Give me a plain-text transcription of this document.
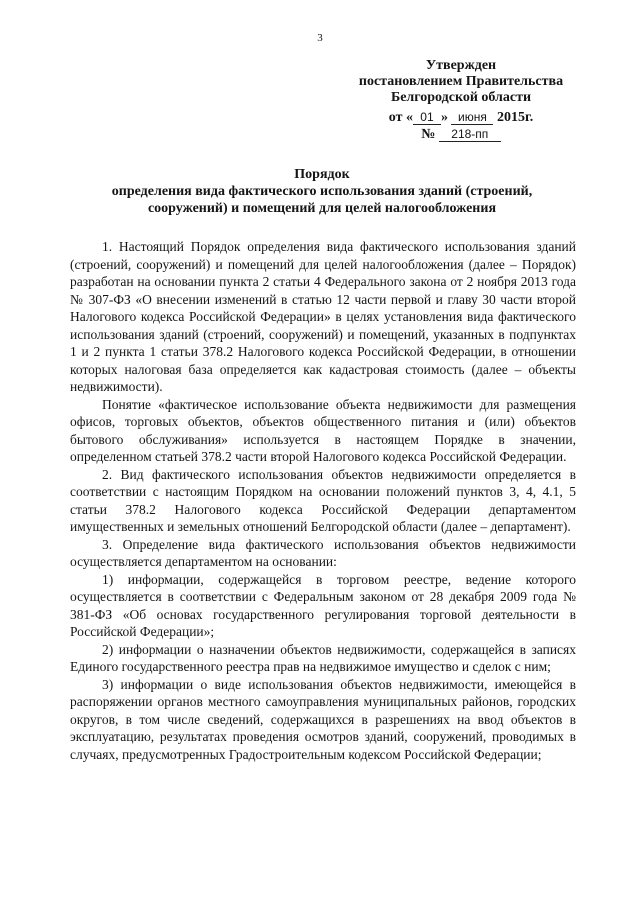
3
Утвержден
постановлением Правительства
Белгородской области
от « 01 » июня 2015г.
№ 218-пп
Порядок
определения вида фактического использования зданий (строений,
сооружений) и помещений для целей налогообложения

1. Настоящий Порядок определения вида фактического использования зданий (строений, сооружений) и помещений для целей налогообложения (далее – Порядок) разработан на основании пункта 2 статьи 4 Федерального закона от 2 ноября 2013 года № 307-ФЗ «О внесении изменений в статью 12 части первой и главу 30 части второй Налогового кодекса Российской Федерации» в целях установления вида фактического использования зданий (строений, сооружений) и помещений, указанных в подпунктах 1 и 2 пункта 1 статьи 378.2 Налогового кодекса Российской Федерации, в отношении которых налоговая база определяется как кадастровая стоимость (далее – объекты недвижимости).

Понятие «фактическое использование объекта недвижимости для размещения офисов, торговых объектов, объектов общественного питания и (или) объектов бытового обслуживания» используется в настоящем Порядке в значении, определенном статьей 378.2 части второй Налогового кодекса Российской Федерации.

2. Вид фактического использования объектов недвижимости определяется в соответствии с настоящим Порядком на основании положений пунктов 3, 4, 4.1, 5 статьи 378.2 Налогового кодекса Российской Федерации департаментом имущественных и земельных отношений Белгородской области (далее – департамент).

3. Определение вида фактического использования объектов недвижимости осуществляется департаментом на основании:

1) информации, содержащейся в торговом реестре, ведение которого осуществляется в соответствии с Федеральным законом от 28 декабря 2009 года № 381-ФЗ «Об основах государственного регулирования торговой деятельности в Российской Федерации»;

2) информации о назначении объектов недвижимости, содержащейся в записях Единого государственного реестра прав на недвижимое имущество и сделок с ним;

3) информации о виде использования объектов недвижимости, имеющейся в распоряжении органов местного самоуправления муниципальных районов, городских округов, в том числе сведений, содержащихся в разрешениях на ввод объектов в эксплуатацию, результатах проведения осмотров зданий, сооружений, проводимых в случаях, предусмотренных Градостроительным кодексом Российской Федерации;
